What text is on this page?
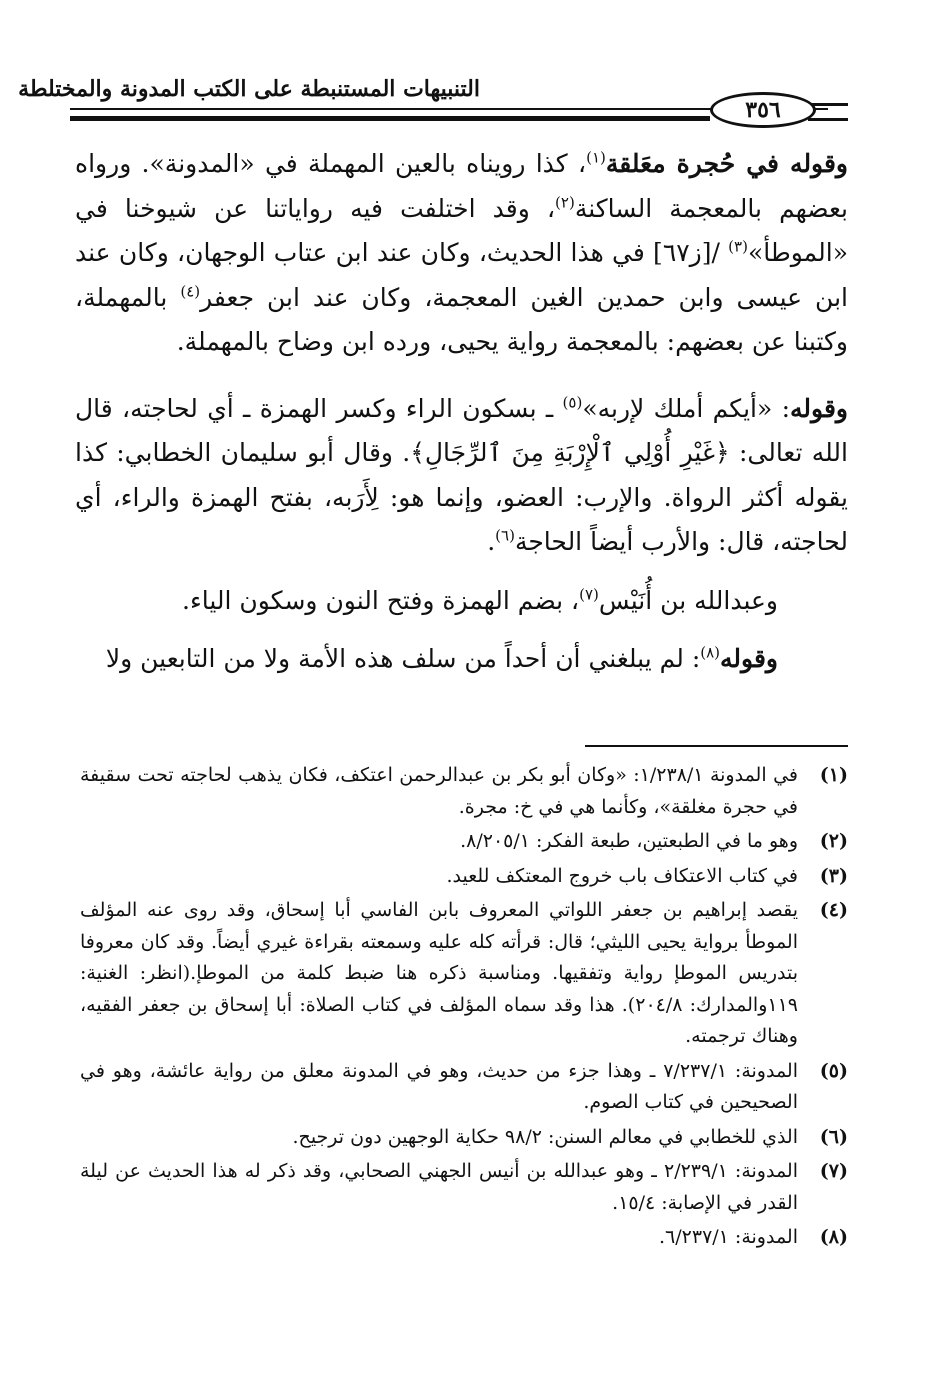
التنبيهات المستنبطة على الكتب المدونة والمختلطة
٣٥٦

وقوله في حُجرة معَلقة$^{(١)}$، كذا رويناه بالعين المهملة في «المدونة». ورواه بعضهم بالمعجمة الساكنة$^{(٢)}$، وقد اختلفت فيه رواياتنا عن شيوخنا في «الموطأ»$^{(٣)}$ /[ز٦٧] في هذا الحديث، وكان عند ابن عتاب الوجهان، وكان عند ابن عيسى وابن حمدين الغين المعجمة، وكان عند ابن جعفر$^{(٤)}$ بالمهملة، وكتبنا عن بعضهم: بالمعجمة رواية يحيى، ورده ابن وضاح بالمهملة.

وقوله: «أيكم أملك لإربه»$^{(٥)}$ ـ بسكون الراء وكسر الهمزة ـ أي لحاجته، قال الله تعالى: ﴿غَيْرِ أُوْلِي ٱلْإِرْبَةِ مِنَ ٱلرِّجَالِ﴾. وقال أبو سليمان الخطابي: كذا يقوله أكثر الرواة. والإرب: العضو، وإنما هو: لِأَرَبه، بفتح الهمزة والراء، أي لحاجته، قال: والأرب أيضاً الحاجة$^{(٦)}$.

وعبدالله بن أُنَيْس$^{(٧)}$، بضم الهمزة وفتح النون وسكون الياء.

وقوله$^{(٨)}$: لم يبلغني أن أحداً من سلف هذه الأمة ولا من التابعين ولا

(١)
في المدونة ١/٢٣٨/١: «وكان أبو بكر بن عبدالرحمن اعتكف، فكان يذهب لحاجته تحت سقيفة في حجرة مغلقة»، وكأنما هي في خ: مجرة.
(٢)
وهو ما في الطبعتين، طبعة الفكر: ٨/٢٠٥/١.
(٣)
في كتاب الاعتكاف باب خروج المعتكف للعيد.
(٤)
يقصد إبراهيم بن جعفر اللواتي المعروف بابن الفاسي أبا إسحاق، وقد روى عنه المؤلف الموطأ برواية يحيى الليثي؛ قال: قرأته كله عليه وسمعته بقراءة غيري أيضاً. وقد كان معروفا بتدريس الموطإ رواية وتفقيها. ومناسبة ذكره هنا ضبط كلمة من الموطإ.(انظر: الغنية: ١١٩والمدارك: ٢٠٤/٨). هذا وقد سماه المؤلف في كتاب الصلاة: أبا إسحاق بن جعفر الفقيه، وهناك ترجمته.
(٥)
المدونة: ٧/٢٣٧/١ ـ وهذا جزء من حديث، وهو في المدونة معلق من رواية عائشة، وهو في الصحيحين في كتاب الصوم.
(٦)
الذي للخطابي في معالم السنن: ٩٨/٢ حكاية الوجهين دون ترجيح.
(٧)
المدونة: ٢/٢٣٩/١ ـ وهو عبدالله بن أنيس الجهني الصحابي، وقد ذكر له هذا الحديث عن ليلة القدر في الإصابة: ١٥/٤.
(٨)
المدونة: ٦/٢٣٧/١.
